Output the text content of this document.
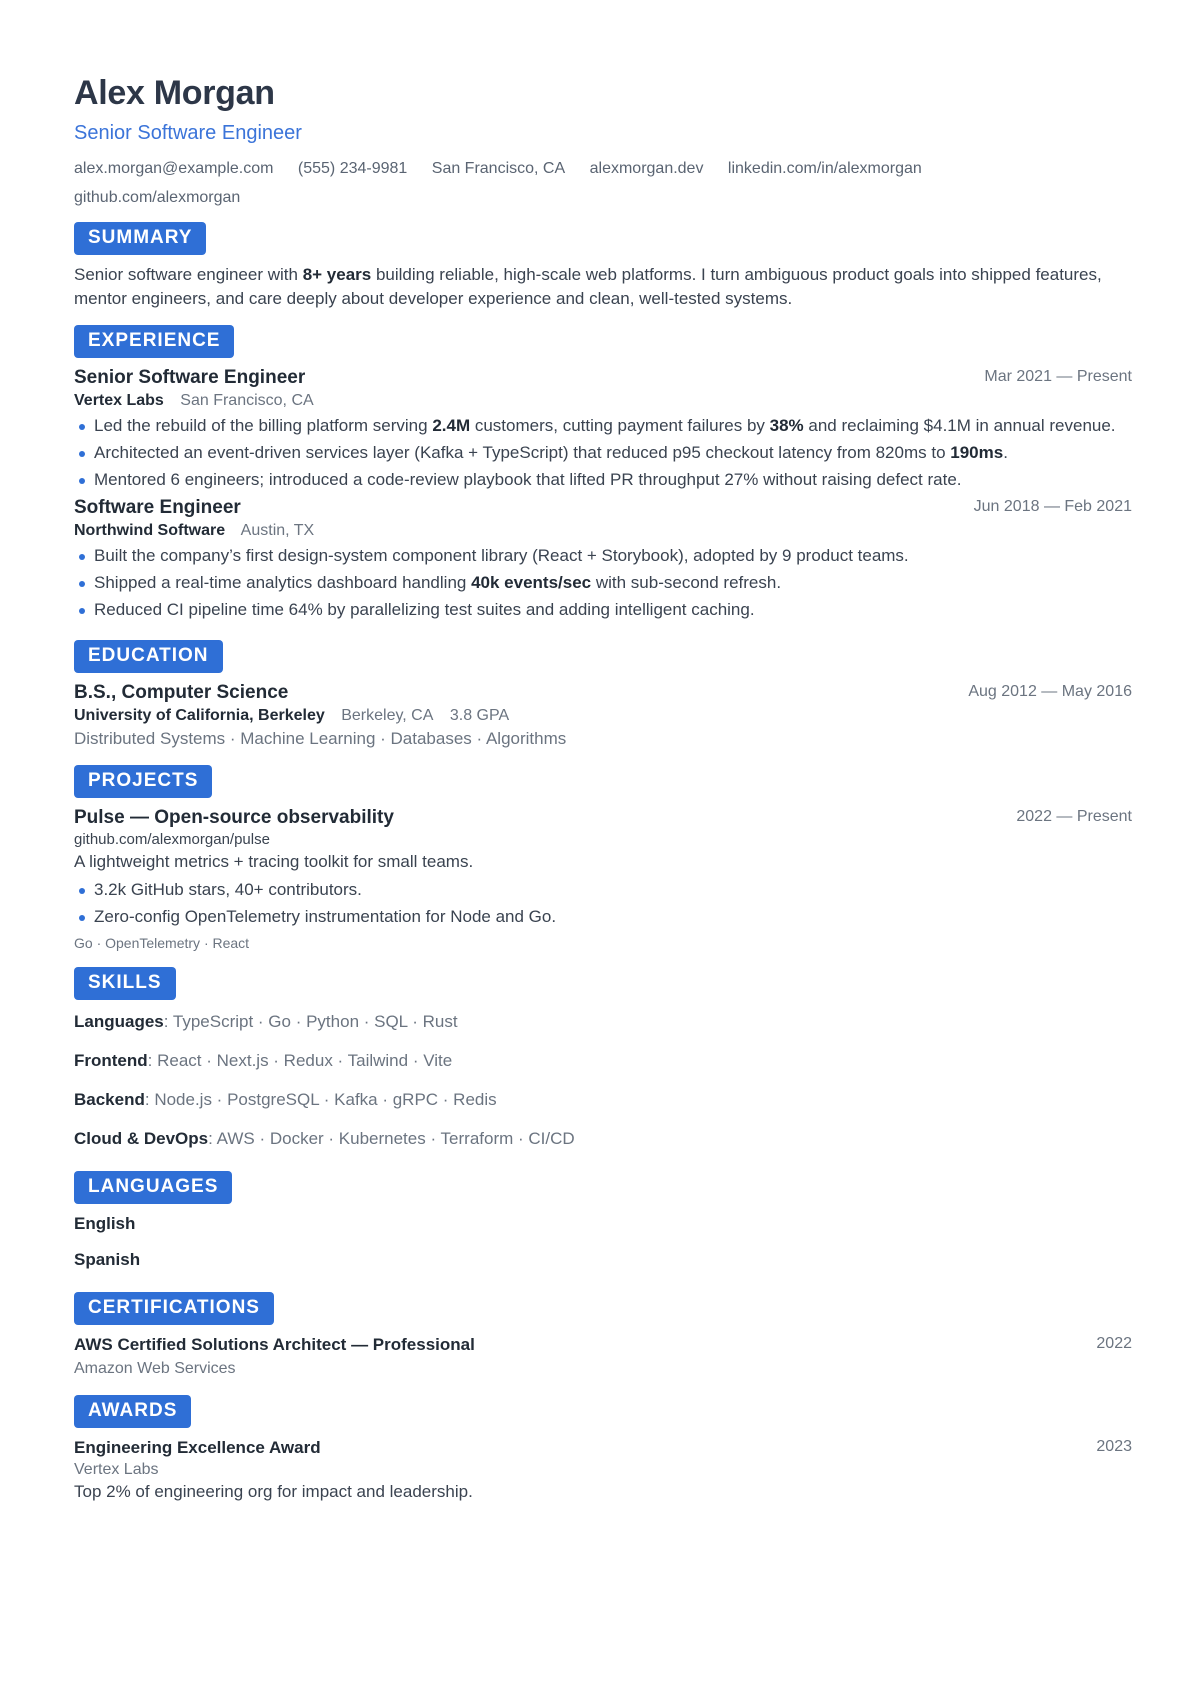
Alex Morgan
Senior Software Engineer
alex.morgan@example.com (555) 234-9981 San Francisco, CA alexmorgan.dev linkedin.com/in/alexmorgan
github.com/alexmorgan
SUMMARY
Senior software engineer with 8+ years building reliable, high-scale web platforms. I turn ambiguous product goals into shipped features, mentor engineers, and care deeply about developer experience and clean, well-tested systems.
EXPERIENCE
Senior Software Engineer	Mar 2021 — Present
Vertex Labs San Francisco, CA
Led the rebuild of the billing platform serving 2.4M customers, cutting payment failures by 38% and reclaiming $4.1M in annual revenue.
Architected an event-driven services layer (Kafka + TypeScript) that reduced p95 checkout latency from 820ms to 190ms.
Mentored 6 engineers; introduced a code-review playbook that lifted PR throughput 27% without raising defect rate.
Software Engineer	Jun 2018 — Feb 2021
Northwind Software Austin, TX
Built the company’s first design-system component library (React + Storybook), adopted by 9 product teams.
Shipped a real-time analytics dashboard handling 40k events/sec with sub-second refresh.
Reduced CI pipeline time 64% by parallelizing test suites and adding intelligent caching.
EDUCATION
B.S., Computer Science	Aug 2012 — May 2016
University of California, Berkeley Berkeley, CA 3.8 GPA
Distributed Systems · Machine Learning · Databases · Algorithms
PROJECTS
Pulse — Open-source observability	2022 — Present
github.com/alexmorgan/pulse
A lightweight metrics + tracing toolkit for small teams.
3.2k GitHub stars, 40+ contributors.
Zero-config OpenTelemetry instrumentation for Node and Go.
Go · OpenTelemetry · React
SKILLS
Languages: TypeScript · Go · Python · SQL · Rust
Frontend: React · Next.js · Redux · Tailwind · Vite
Backend: Node.js · PostgreSQL · Kafka · gRPC · Redis
Cloud & DevOps: AWS · Docker · Kubernetes · Terraform · CI/CD
LANGUAGES
English
Spanish
CERTIFICATIONS
AWS Certified Solutions Architect — Professional	2022
Amazon Web Services
AWARDS
Engineering Excellence Award	2023
Vertex Labs
Top 2% of engineering org for impact and leadership.
